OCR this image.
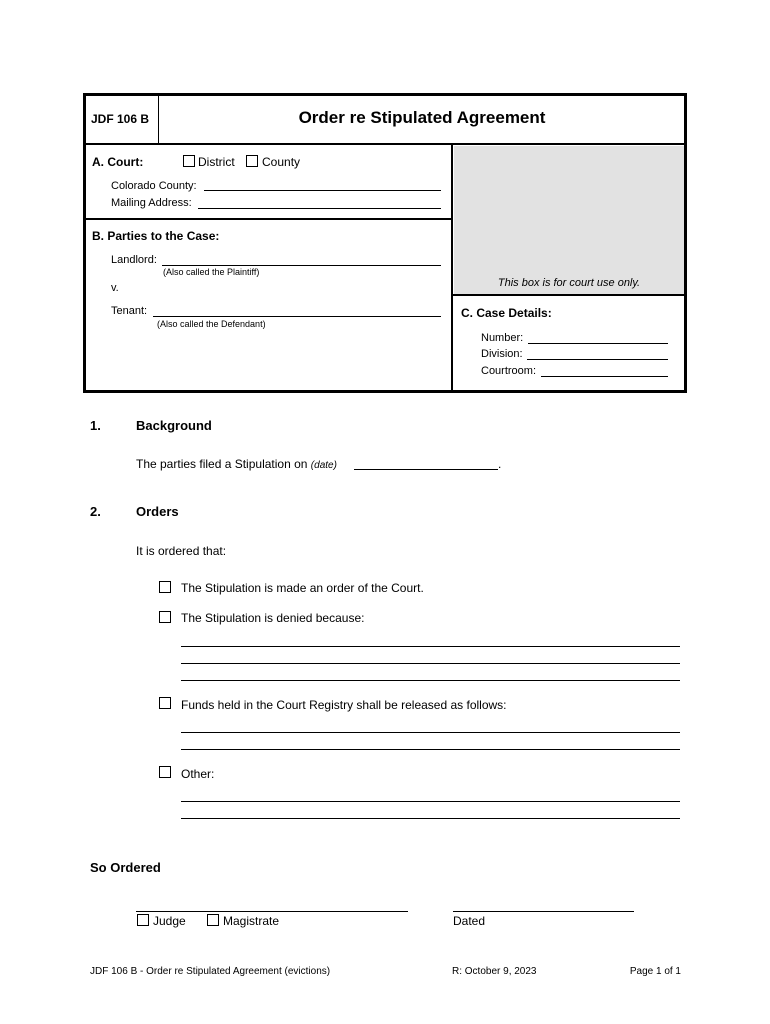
JDF 106 B	Order re Stipulated Agreement
This box is for court use only.
A. Court:	District County
Colorado County:
Mailing Address:
B. Parties to the Case:
Landlord:
(Also called the Plaintiff)
v.
Tenant:
(Also called the Defendant)
C. Case Details:
Number:
Division:
Courtroom:
1.	Background
The parties filed a Stipulation on (date)	.
2.	Orders
It is ordered that:
The Stipulation is made an order of the Court.
The Stipulation is denied because:
Funds held in the Court Registry shall be released as follows:
Other:
So Ordered
Judge	Magistrate	Dated
JDF 106 B - Order re Stipulated Agreement (evictions)	R: October 9, 2023	Page 1 of 1
